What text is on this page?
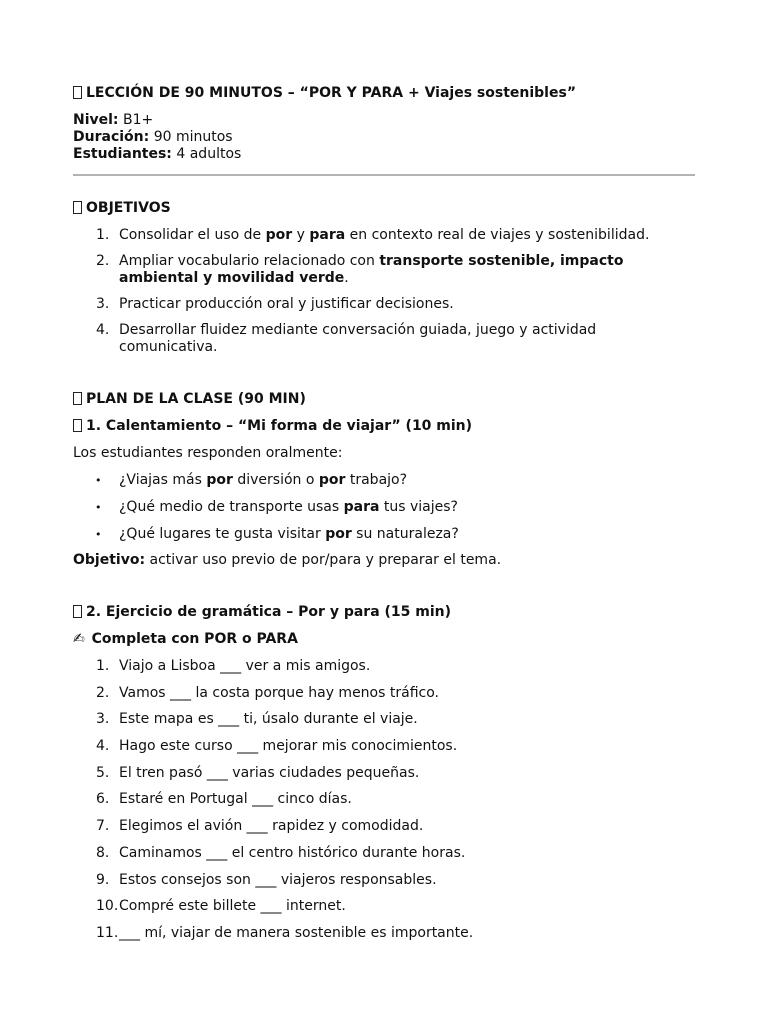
LECCIÓN DE 90 MINUTOS – “POR Y PARA + Viajes sostenibles”

Nivel: B1+
Duración: 90 minutos
Estudiantes: 4 adultos

OBJETIVOS

1. Consolidar el uso de por y para en contexto real de viajes y sostenibilidad.
2. Ampliar vocabulario relacionado con transporte sostenible, impacto ambiental y movilidad verde.
3. Practicar producción oral y justificar decisiones.
4. Desarrollar fluidez mediante conversación guiada, juego y actividad comunicativa.

PLAN DE LA CLASE (90 MIN)

1. Calentamiento – “Mi forma de viajar” (10 min)

Los estudiantes responden oralmente:

• ¿Viajas más por diversión o por trabajo?
• ¿Qué medio de transporte usas para tus viajes?
• ¿Qué lugares te gusta visitar por su naturaleza?

Objetivo: activar uso previo de por/para y preparar el tema.

2. Ejercicio de gramática – Por y para (15 min)

✍ Completa con POR o PARA

1. Viajo a Lisboa ___ ver a mis amigos.
2. Vamos ___ la costa porque hay menos tráfico.
3. Este mapa es ___ ti, úsalo durante el viaje.
4. Hago este curso ___ mejorar mis conocimientos.
5. El tren pasó ___ varias ciudades pequeñas.
6. Estaré en Portugal ___ cinco días.
7. Elegimos el avión ___ rapidez y comodidad.
8. Caminamos ___ el centro histórico durante horas.
9. Estos consejos son ___ viajeros responsables.
10. Compré este billete ___ internet.
11. ___ mí, viajar de manera sostenible es importante.
